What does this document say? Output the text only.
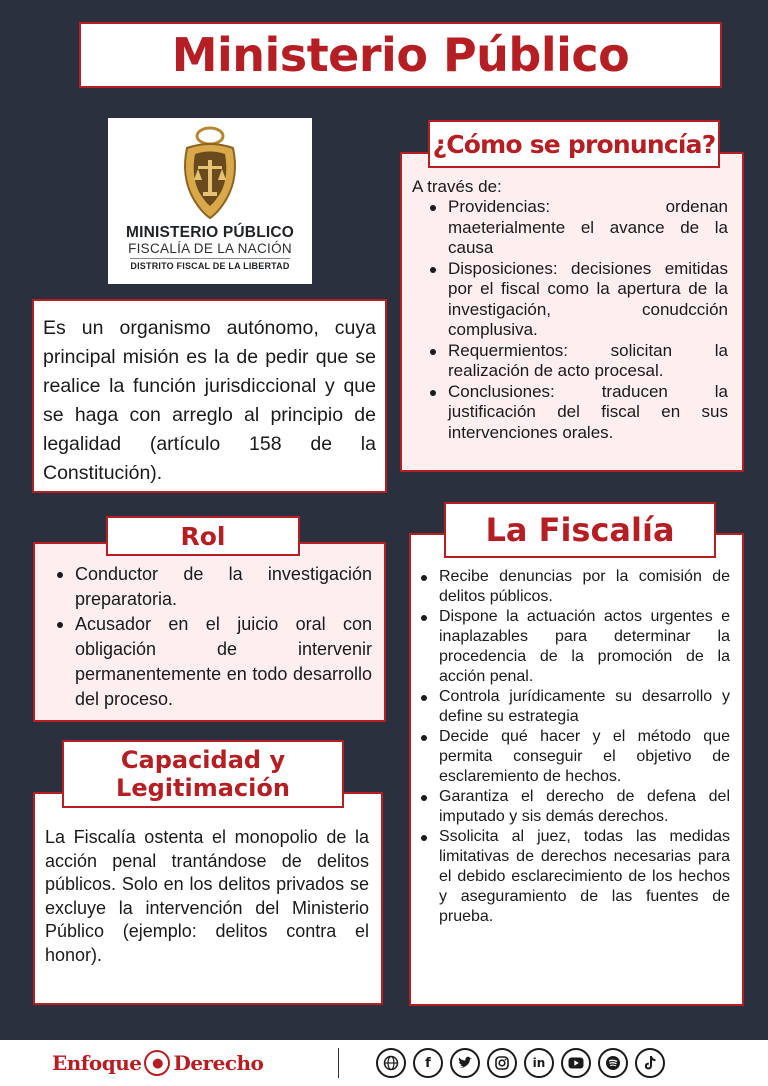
Ministerio Público
MINISTERIO PÚBLICO
FISCALÍA DE LA NACIÓN
DISTRITO FISCAL DE LA LIBERTAD

Es un organismo autónomo, cuya principal misión es la de pedir que se realice la función jurisdiccional y que se haga con arreglo al principio de legalidad (artículo 158 de la Constitución).

A través de:
Providencias: ordenan maeterialmente el avance de la causa
Disposiciones: decisiones emitidas por el fiscal como la apertura de la investigación, conudcción complusiva.
Requermientos: solicitan la realización de acto procesal.
Conclusiones: traducen la justificación del fiscal en sus intervenciones orales.
¿Cómo se pronuncía?
Conductor de la investigación preparatoria.
Acusador en el juicio oral con obligación de intervenir permanentemente en todo desarrollo del proceso.
Rol
Recibe denuncias por la comisión de delitos públicos.
Dispone la actuación actos urgentes e inaplazables para determinar la procedencia de la promoción de la acción penal.
Controla jurídicamente su desarrollo y define su estrategia
Decide qué hacer y el método que permita conseguir el objetivo de esclaremiento de hechos.
Garantiza el derecho de defena del imputado y sis demás derechos.
Ssolicita al juez, todas las medidas limitativas de derechos necesarias para el debido esclarecimiento de los hechos y aseguramiento de las fuentes de prueba.
La Fiscalía

La Fiscalía ostenta el monopolio de la acción penal trantándose de delitos públicos. Solo en los delitos privados se excluye la intervención del Ministerio Público (ejemplo: delitos contra el honor).

Capacidad y
Legitimación
Enfoque ● Derecho	f	in
